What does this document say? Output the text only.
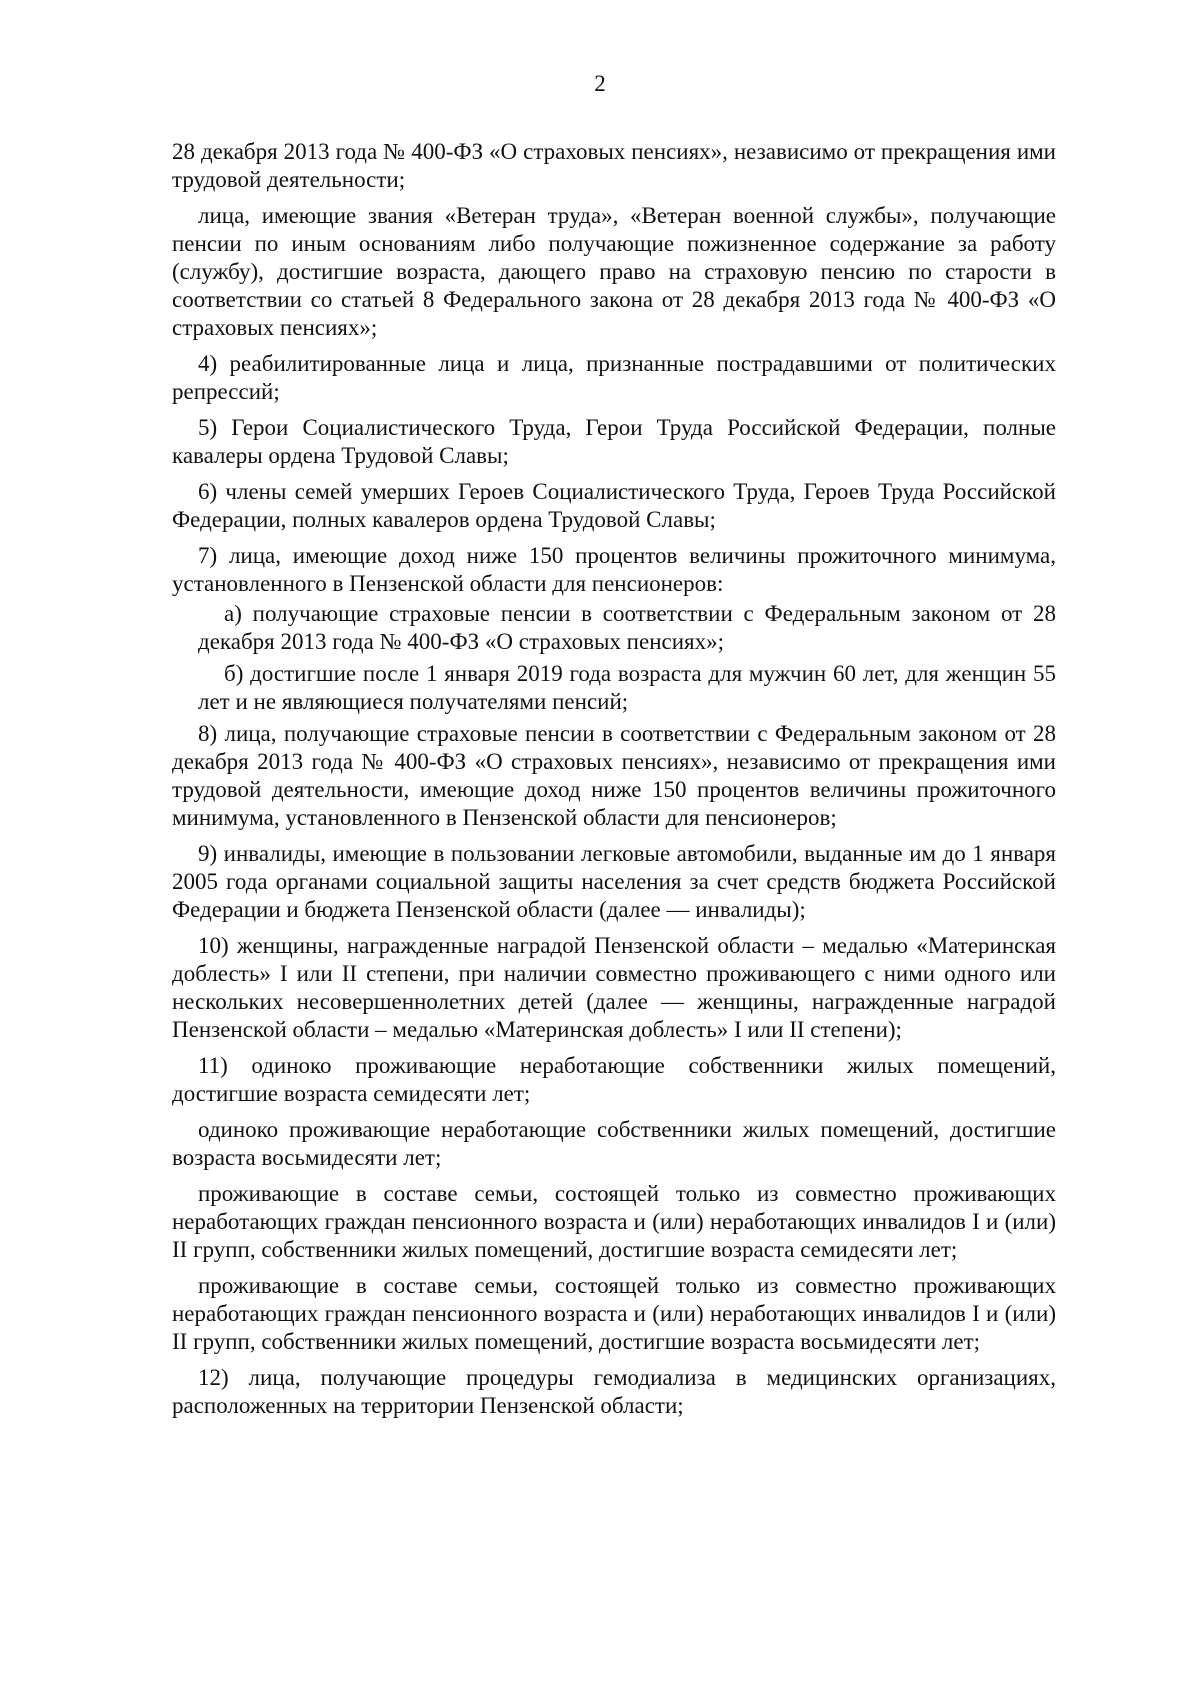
2

28 декабря 2013 года № 400-ФЗ «О страховых пенсиях», независимо от прекращения ими трудовой деятельности;

лица, имеющие звания «Ветеран труда», «Ветеран военной службы», получающие пенсии по иным основаниям либо получающие пожизненное содержание за работу (службу), достигшие возраста, дающего право на страховую пенсию по старости в соответствии со статьей 8 Федерального закона от 28 декабря 2013 года № 400-ФЗ «О страховых пенсиях»;

4) реабилитированные лица и лица, признанные пострадавшими от политических репрессий;

5) Герои Социалистического Труда, Герои Труда Российской Федерации, полные кавалеры ордена Трудовой Славы;

6) члены семей умерших Героев Социалистического Труда, Героев Труда Российской Федерации, полных кавалеров ордена Трудовой Славы;

7) лица, имеющие доход ниже 150 процентов величины прожиточного минимума, установленного в Пензенской области для пенсионеров:

а) получающие страховые пенсии в соответствии с Федеральным законом от 28 декабря 2013 года № 400-ФЗ «О страховых пенсиях»;

б) достигшие после 1 января 2019 года возраста для мужчин 60 лет, для женщин 55 лет и не являющиеся получателями пенсий;

8) лица, получающие страховые пенсии в соответствии с Федеральным законом от 28 декабря 2013 года № 400-ФЗ «О страховых пенсиях», независимо от прекращения ими трудовой деятельности, имеющие доход ниже 150 процентов величины прожиточного минимума, установленного в Пензенской области для пенсионеров;

9) инвалиды, имеющие в пользовании легковые автомобили, выданные им до 1 января 2005 года органами социальной защиты населения за счет средств бюджета Российской Федерации и бюджета Пензенской области (далее — инвалиды);

10) женщины, награжденные наградой Пензенской области – медалью «Материнская доблесть» I или II степени, при наличии совместно проживающего с ними одного или нескольких несовершеннолетних детей (далее — женщины, награжденные наградой Пензенской области – медалью «Материнская доблесть» I или II степени);

11) одиноко проживающие неработающие собственники жилых помещений, достигшие возраста семидесяти лет;

одиноко проживающие неработающие собственники жилых помещений, достигшие возраста восьмидесяти лет;

проживающие в составе семьи, состоящей только из совместно проживающих неработающих граждан пенсионного возраста и (или) неработающих инвалидов I и (или) II групп, собственники жилых помещений, достигшие возраста семидесяти лет;

проживающие в составе семьи, состоящей только из совместно проживающих неработающих граждан пенсионного возраста и (или) неработающих инвалидов I и (или) II групп, собственники жилых помещений, достигшие возраста восьмидесяти лет;

12) лица, получающие процедуры гемодиализа в медицинских организациях, расположенных на территории Пензенской области;
